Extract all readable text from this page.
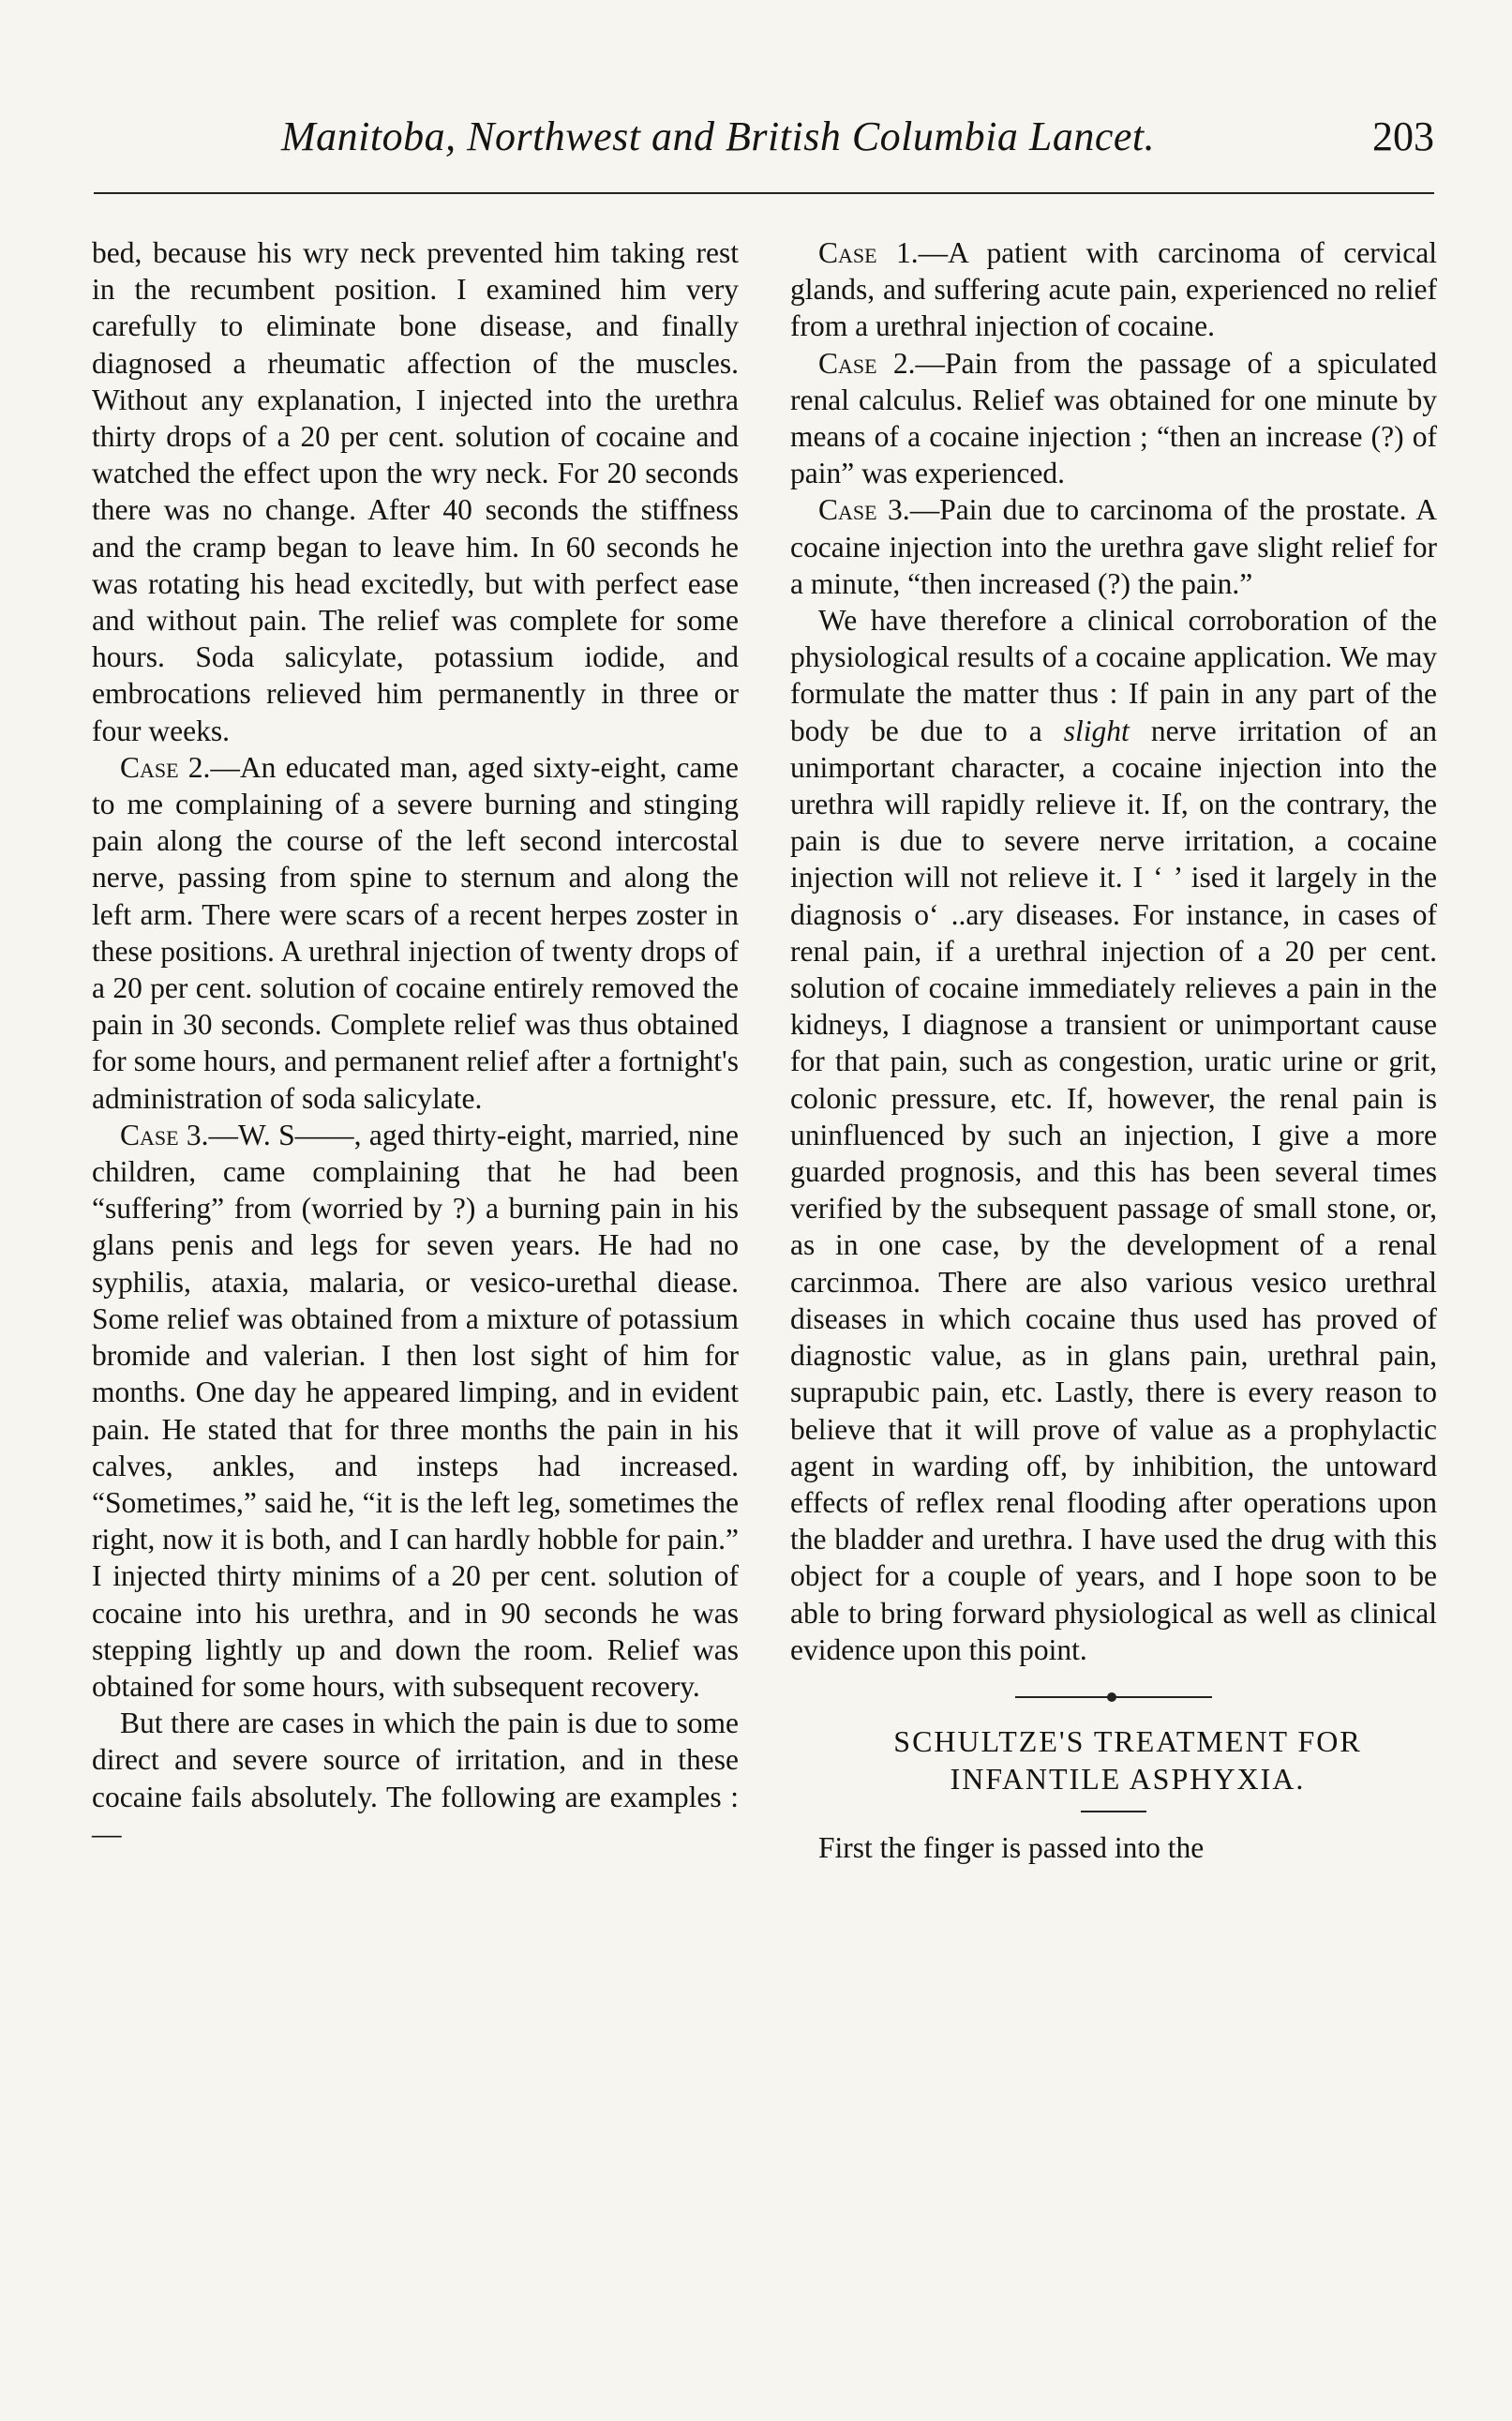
Manitoba, Northwest and British Columbia Lancet.	203

bed, because his wry neck prevented him taking rest in the recumbent position. I examined him very carefully to eliminate bone disease, and finally diagnosed a rheumatic affection of the muscles. Without any explanation, I injected into the urethra thirty drops of a 20 per cent. solution of cocaine and watched the effect upon the wry neck. For 20 seconds there was no change. After 40 seconds the stiffness and the cramp began to leave him. In 60 seconds he was rotating his head excitedly, but with perfect ease and without pain. The relief was complete for some hours. Soda salicylate, potassium iodide, and embrocations relieved him permanently in three or four weeks.

Case 2.—An educated man, aged sixty-eight, came to me complaining of a severe burning and stinging pain along the course of the left second intercostal nerve, passing from spine to sternum and along the left arm. There were scars of a recent herpes zoster in these positions. A urethral injection of twenty drops of a 20 per cent. solution of cocaine entirely removed the pain in 30 seconds. Complete relief was thus obtained for some hours, and permanent relief after a fortnight's administration of soda salicylate.

Case 3.—W. S——, aged thirty-eight, married, nine children, came complaining that he had been “suffering” from (worried by ?) a burning pain in his glans penis and legs for seven years. He had no syphilis, ataxia, malaria, or vesico-urethal diease. Some relief was obtained from a mixture of potassium bromide and valerian. I then lost sight of him for months. One day he appeared limping, and in evident pain. He stated that for three months the pain in his calves, ankles, and insteps had increased. “Sometimes,” said he, “it is the left leg, sometimes the right, now it is both, and I can hardly hobble for pain.” I injected thirty minims of a 20 per cent. solution of cocaine into his urethra, and in 90 seconds he was stepping lightly up and down the room. Relief was obtained for some hours, with subsequent recovery.

But there are cases in which the pain is due to some direct and severe source of irritation, and in these cocaine fails absolutely. The following are examples :—

Case 1.—A patient with carcinoma of cervical glands, and suffering acute pain, experienced no relief from a urethral injection of cocaine.

Case 2.—Pain from the passage of a spiculated renal calculus. Relief was obtained for one minute by means of a cocaine injection ; “then an increase (?) of pain” was experienced.

Case 3.—Pain due to carcinoma of the prostate. A cocaine injection into the urethra gave slight relief for a minute, “then increased (?) the pain.”

We have therefore a clinical corroboration of the physiological results of a cocaine application. We may formulate the matter thus : If pain in any part of the body be due to a slight nerve irritation of an unimportant character, a cocaine injection into the urethra will rapidly relieve it. If, on the contrary, the pain is due to severe nerve irritation, a cocaine injection will not relieve it. I ‘ ’ ised it largely in the diagnosis o‘ ..ary diseases. For instance, in cases of renal pain, if a urethral injection of a 20 per cent. solution of cocaine immediately relieves a pain in the kidneys, I diagnose a transient or unimportant cause for that pain, such as congestion, uratic urine or grit, colonic pressure, etc. If, however, the renal pain is uninfluenced by such an injection, I give a more guarded prognosis, and this has been several times verified by the subsequent passage of small stone, or, as in one case, by the development of a renal carcinmoa. There are also various vesico urethral diseases in which cocaine thus used has proved of diagnostic value, as in glans pain, urethral pain, suprapubic pain, etc. Lastly, there is every reason to believe that it will prove of value as a prophylactic agent in warding off, by inhibition, the untoward effects of reflex renal flooding after operations upon the bladder and urethra. I have used the drug with this object for a couple of years, and I hope soon to be able to bring forward physiological as well as clinical evidence upon this point.

SCHULTZE'S TREATMENT FOR

INFANTILE ASPHYXIA.

First the finger is passed into the
